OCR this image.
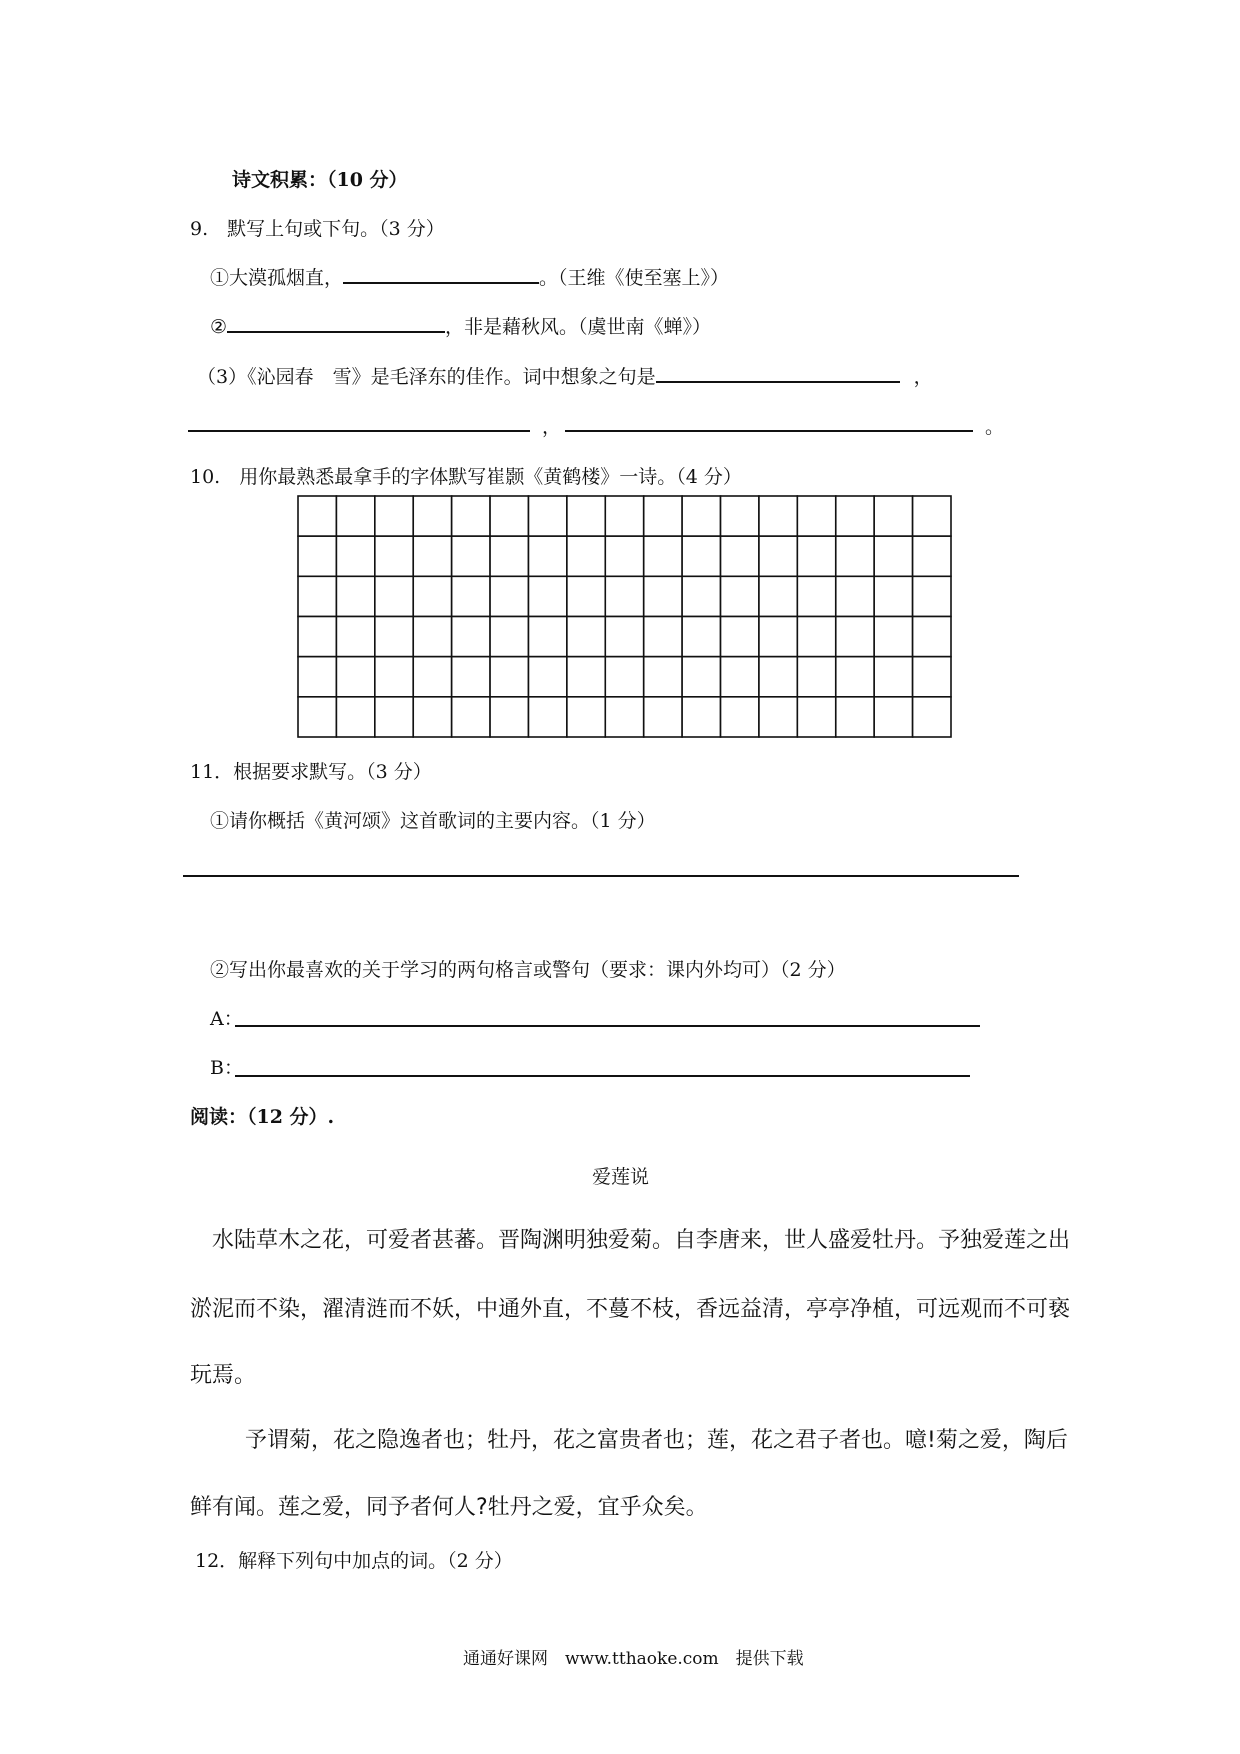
诗文积累：（10 分）
9.　默写上句或下句。（3 分）
①大漠孤烟直，	。（王维《使至塞上》）
②	，非是藉秋风。（虞世南《蝉》）
（3）《沁园春　雪》是毛泽东的佳作。词中想象之句是	，
，	。
10.　用你最熟悉最拿手的字体默写崔颢《黄鹤楼》一诗。（4 分）
11．根据要求默写。（3 分）
①请你概括《黄河颂》这首歌词的主要内容。（1 分）
②写出你最喜欢的关于学习的两句格言或警句（要求：课内外均可）（2 分）
A：
B：
阅读：（12 分）.
爱莲说
水陆草木之花，可爱者甚蕃。晋陶渊明独爱菊。自李唐来，世人盛爱牡丹。予独爱莲之出
淤泥而不染，濯清涟而不妖，中通外直，不蔓不枝，香远益清，亭亭净植，可远观而不可亵
玩焉。
予谓菊，花之隐逸者也；牡丹，花之富贵者也；莲，花之君子者也。噫!菊之爱，陶后
鲜有闻。莲之爱，同予者何人?牡丹之爱，宜乎众矣。
12．解释下列句中加点的词。（2 分）
通通好课网　www.tthaoke.com　提供下载
